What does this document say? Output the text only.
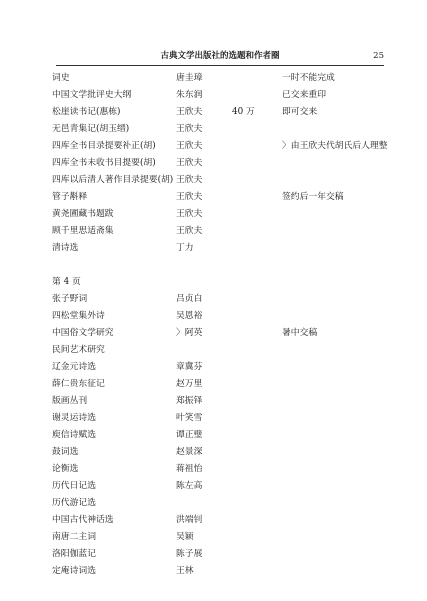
古典文学出版社的选题和作者圈	25
词史	唐圭璋	一时不能完成
中国文学批评史大纲	朱东润	已交来重印
松崖读书记(惠栋)	王欣夫	40 万	即可交来
无邑青集记(胡玉缙)	王欣夫
四库全书目录提要补正(胡) 王欣夫	〉由王欣夫代胡氏后人理整
四库全书未收书目提要(胡) 王欣夫
四库以后清人著作目录提要(胡) 王欣夫
管子斠释	王欣夫	签约后一年交稿
黄尧圃藏书题跋	王欣夫
顾千里思适斋集	王欣夫
清诗选	丁力
第 4 页
张子野词	吕贞白
四松堂集外诗	吴恩裕
中国俗文学研究	〉阿英	暑中交稿
民间艺术研究
辽金元诗选	章冀芬
薛仁贵东征记	赵万里
版画丛刊	郑振铎
谢灵运诗选	叶笑雪
庾信诗赋选	谭正璧
鼓词选	赵景深
论衡选	蒋祖怡
历代日记选	陈左高
历代游记选
中国古代神话选	洪端钊
南唐二主词	吴颖
洛阳伽蓝记	陈子展
定庵诗词选	王林
